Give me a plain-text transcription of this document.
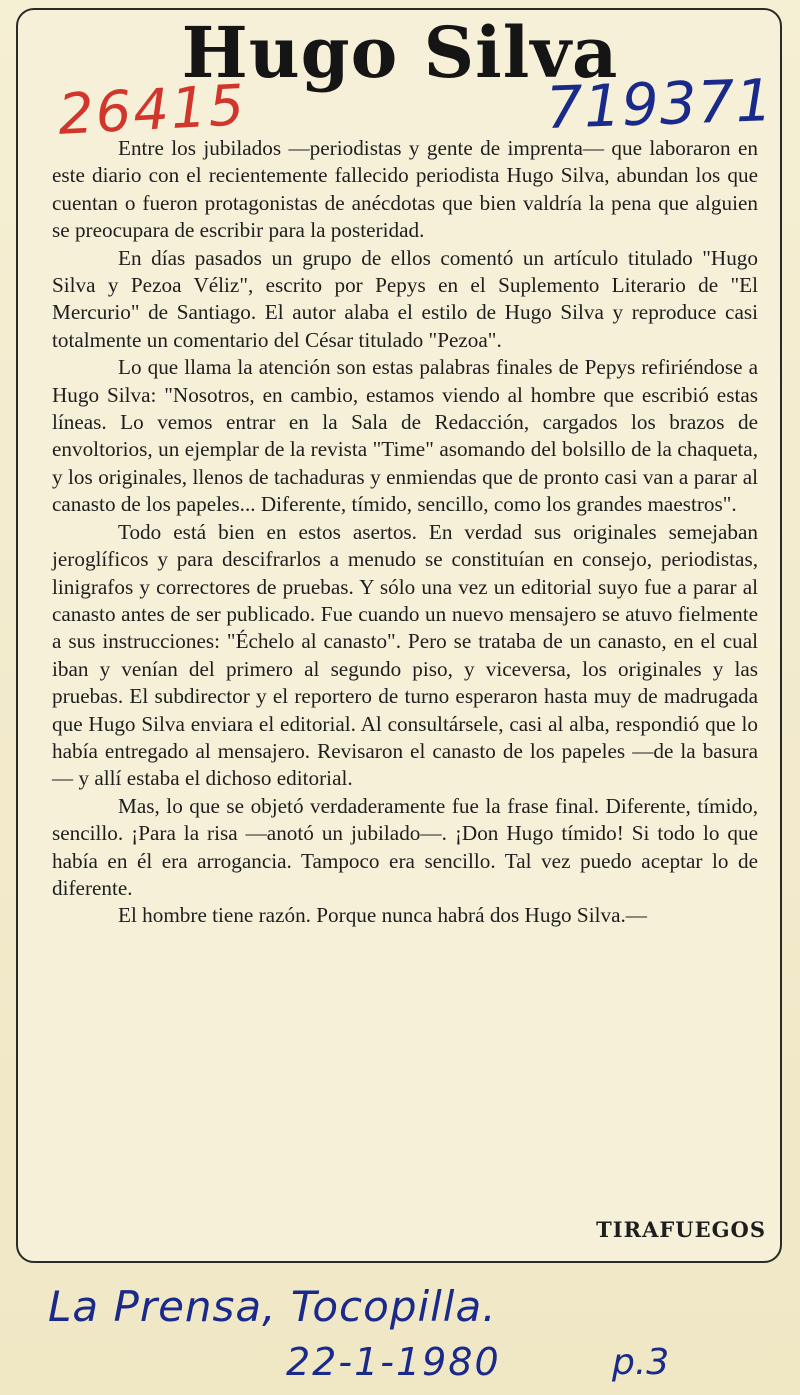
Hugo Silva
26415	719371

Entre los jubilados —periodistas y gente de imprenta— que laboraron en este diario con el recientemente fallecido periodista Hugo Silva, abundan los que cuentan o fueron protagonistas de anécdotas que bien valdría la pena que alguien se preocupara de escribir para la posteridad.

En días pasados un grupo de ellos comentó un artículo titulado "Hugo Silva y Pezoa Véliz", escrito por Pepys en el Suplemento Literario de "El Mercurio" de Santiago. El autor alaba el estilo de Hugo Silva y reproduce casi totalmente un comentario del César titulado "Pezoa".

Lo que llama la atención son estas palabras finales de Pepys refiriéndose a Hugo Silva: "Nosotros, en cambio, estamos viendo al hombre que escribió estas líneas. Lo vemos entrar en la Sala de Redacción, cargados los brazos de envoltorios, un ejemplar de la revista "Time" asomando del bolsillo de la chaqueta, y los originales, llenos de tachaduras y enmiendas que de pronto casi van a parar al canasto de los papeles... Diferente, tímido, sencillo, como los grandes maestros".

Todo está bien en estos asertos. En verdad sus originales semejaban jeroglíficos y para descifrarlos a menudo se constituían en consejo, periodistas, linigrafos y correctores de pruebas. Y sólo una vez un editorial suyo fue a parar al canasto antes de ser publicado. Fue cuando un nuevo mensajero se atuvo fielmente a sus instrucciones: "Échelo al canasto". Pero se trataba de un canasto, en el cual iban y venían del primero al segundo piso, y viceversa, los originales y las pruebas. El subdirector y el reportero de turno esperaron hasta muy de madrugada que Hugo Silva enviara el editorial. Al consultársele, casi al alba, respondió que lo había entregado al mensajero. Revisaron el canasto de los papeles —de la basura— y allí estaba el dichoso editorial.

Mas, lo que se objetó verdaderamente fue la frase final. Diferente, tímido, sencillo. ¡Para la risa —anotó un jubilado—. ¡Don Hugo tímido! Si todo lo que había en él era arrogancia. Tampoco era sencillo. Tal vez puedo aceptar lo de diferente.

El hombre tiene razón. Porque nunca habrá dos Hugo Silva.—

TIRAFUEGOS
La Prensa, Tocopilla.
22-1-1980	p.3
